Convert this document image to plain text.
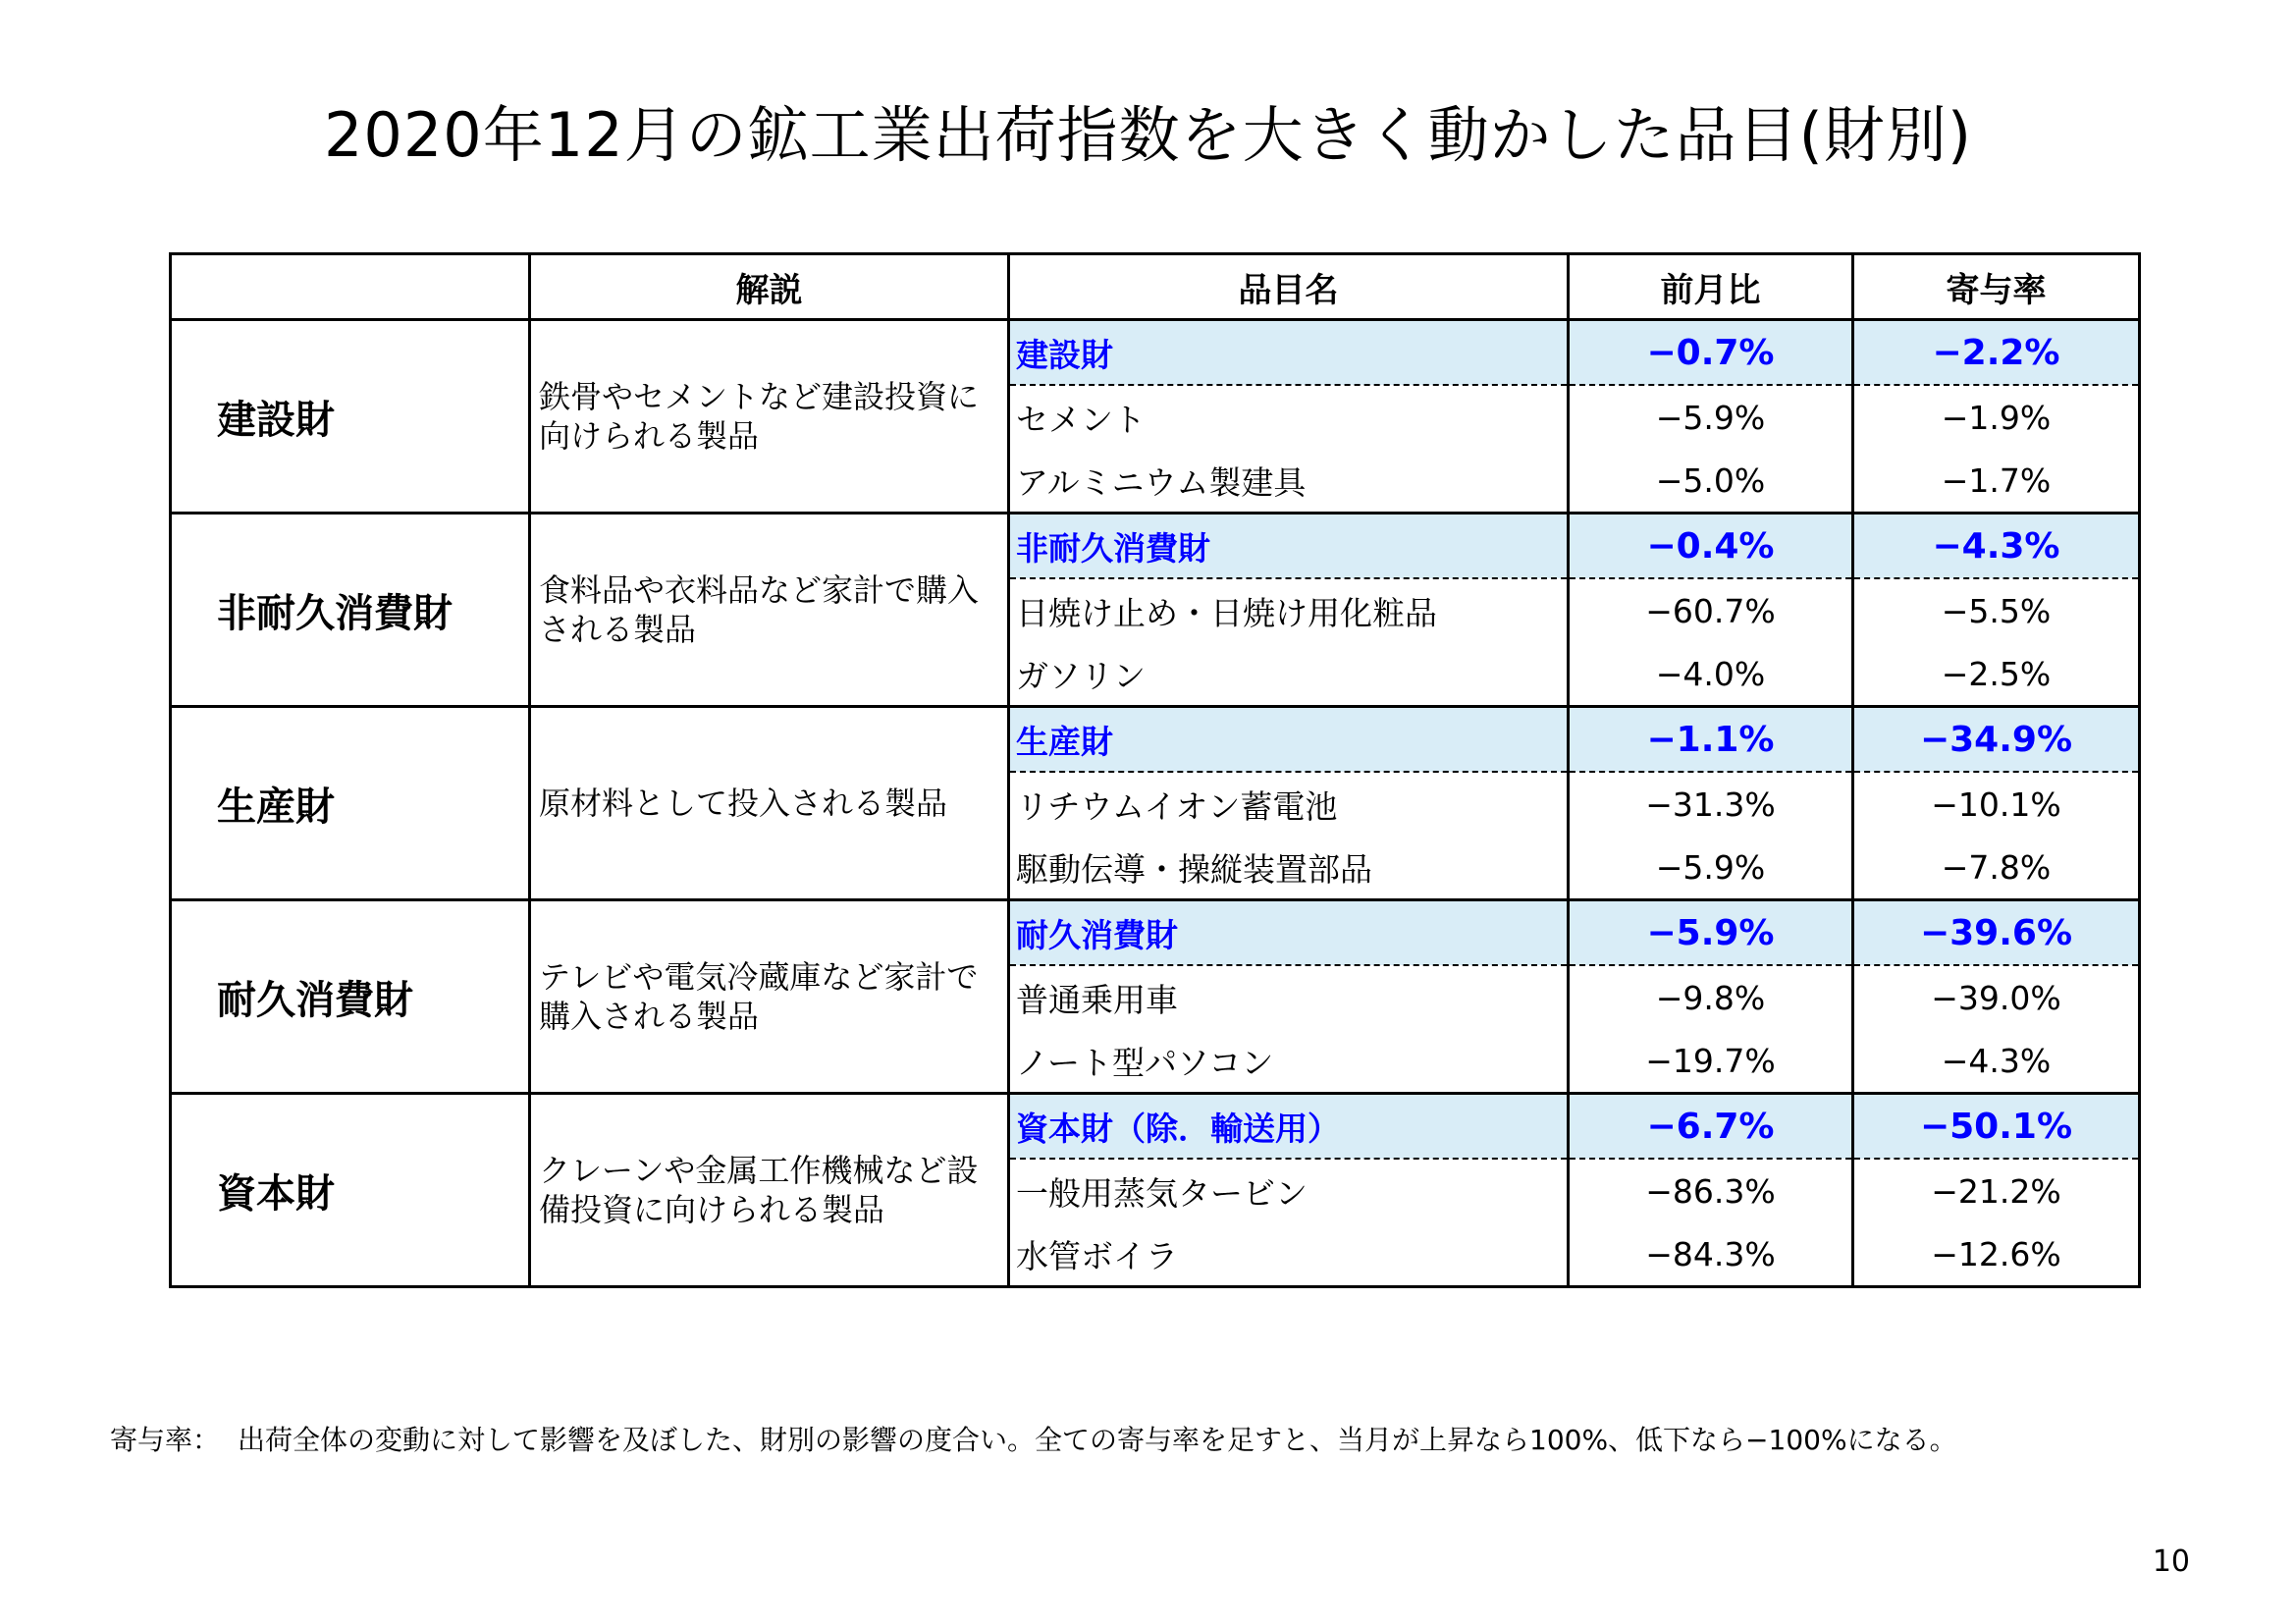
2020年12月の鉱工業出荷指数を大きく動かした品目(財別)
	解説	品目名	前月比	寄与率
建設財	鉄骨やセメントなど建設投資に向けられる製品	建設財	−0.7%	−2.2%
		セメント	−5.9%	−1.9%
		アルミニウム製建具	−5.0%	−1.7%
非耐久消費財	食料品や衣料品など家計で購入される製品	非耐久消費財	−0.4%	−4.3%
		日焼け止め・日焼け用化粧品	−60.7%	−5.5%
		ガソリン	−4.0%	−2.5%
生産財	原材料として投入される製品	生産財	−1.1%	−34.9%
		リチウムイオン蓄電池	−31.3%	−10.1%
		駆動伝導・操縦装置部品	−5.9%	−7.8%
耐久消費財	テレビや電気冷蔵庫など家計で購入される製品	耐久消費財	−5.9%	−39.6%
		普通乗用車	−9.8%	−39.0%
		ノート型パソコン	−19.7%	−4.3%
資本財	クレーンや金属工作機械など設備投資に向けられる製品	資本財（除．輸送用）	−6.7%	−50.1%
		一般用蒸気タービン	−86.3%	−21.2%
		水管ボイラ	−84.3%	−12.6%
寄与率： 出荷全体の変動に対して影響を及ぼした、財別の影響の度合い。全ての寄与率を足すと、当月が上昇なら100%、低下なら−100%になる。
10
